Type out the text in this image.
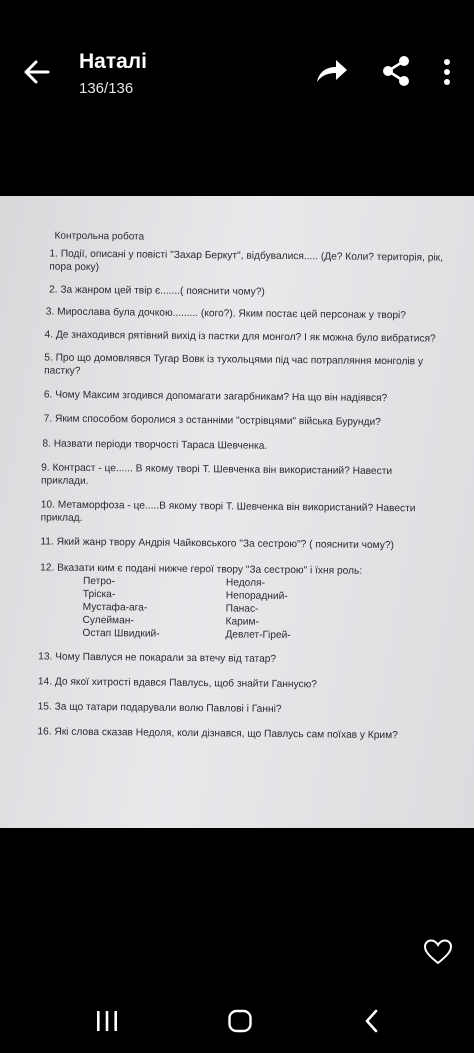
Наталі
136/136
Контрольна робота
1. Події, описані у повісті "Захар Беркут", відбувалися..... (Де? Коли? територія, рік, пора року)
2. За жанром цей твір є.......( пояснити чому?)
3. Мирослава була дочкою......... (кого?). Яким постає цей персонаж у творі?
4. Де знаходився рятівний вихід із пастки для монгол? І як можна було вибратися?
5. Про що домовлявся Тугар Вовк із тухольцями під час потрапляння монголів у пастку?
6. Чому Максим згодився допомагати загарбникам? На що він надіявся?
7. Яким способом боролися з останніми "острівцями" війська Бурунди?
8. Назвати періоди творчості Тараса Шевченка.
9. Контраст - це...... В якому творі Т. Шевченка він використаний? Навести приклади.
10. Метаморфоза - це.....В якому творі Т. Шевченка він використаний? Навести приклад.
11. Який жанр твору Андрія Чайковського "За сестрою"? ( пояснити чому?)
12. Вказати ким є подані нижче герої твору "За сестрою" і їхня роль:
Петро-
Тріска-
Мустафа-ага-
Сулейман-
Остап Швидкий-
Недоля-
Непорадний-
Панас-
Карим-
Девлет-Гірей-
13. Чому Павлуся не покарали за втечу від татар?
14. До якої хитрості вдався Павлусь, щоб знайти Ганнусю?
15. За що татари подарували волю Павлові і Ганні?
16. Які слова сказав Недоля, коли дізнався, що Павлусь сам поїхав у Крим?
